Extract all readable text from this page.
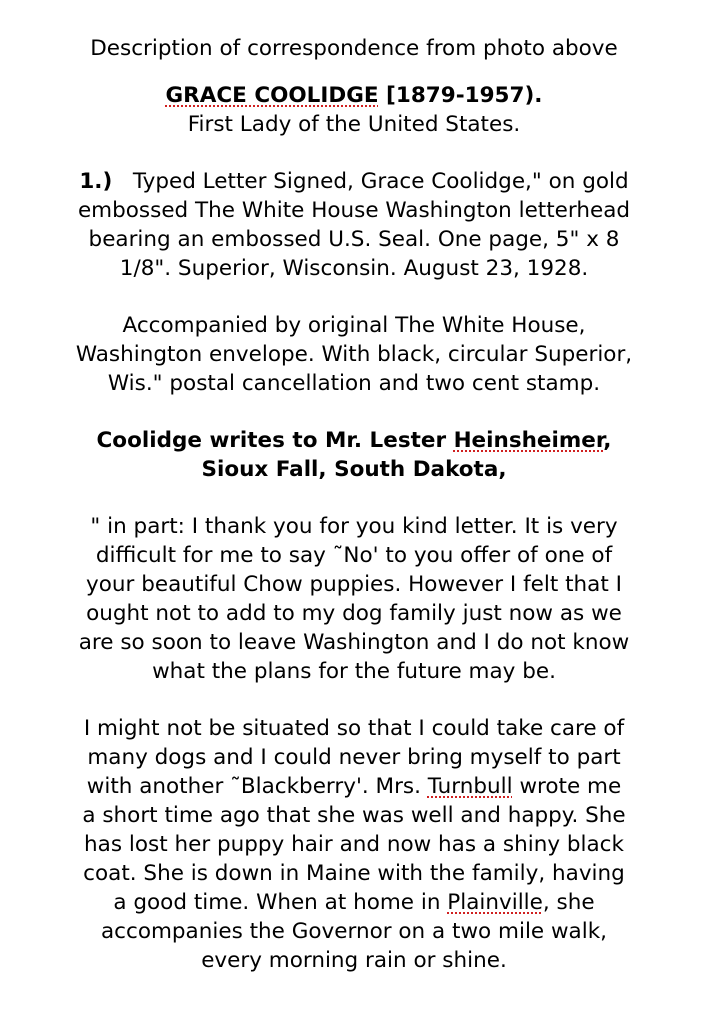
Description of correspondence from photo above
GRACE COOLIDGE [1879-1957).
First Lady of the United States.
1.)   Typed Letter Signed, Grace Coolidge," on gold
embossed The White House Washington letterhead
bearing an embossed U.S. Seal. One page, 5" x 8
1/8". Superior, Wisconsin. August 23, 1928.
Accompanied by original The White House,
Washington envelope. With black, circular Superior,
Wis." postal cancellation and two cent stamp.
Coolidge writes to Mr. Lester Heinsheimer,
Sioux Fall, South Dakota,
" in part: I thank you for you kind letter. It is very
difficult for me to say ˜No' to you offer of one of
your beautiful Chow puppies. However I felt that I
ought not to add to my dog family just now as we
are so soon to leave Washington and I do not know
what the plans for the future may be.
I might not be situated so that I could take care of
many dogs and I could never bring myself to part
with another ˜Blackberry'. Mrs. Turnbull wrote me
a short time ago that she was well and happy. She
has lost her puppy hair and now has a shiny black
coat. She is down in Maine with the family, having
a good time. When at home in Plainville, she
accompanies the Governor on a two mile walk,
every morning rain or shine.
